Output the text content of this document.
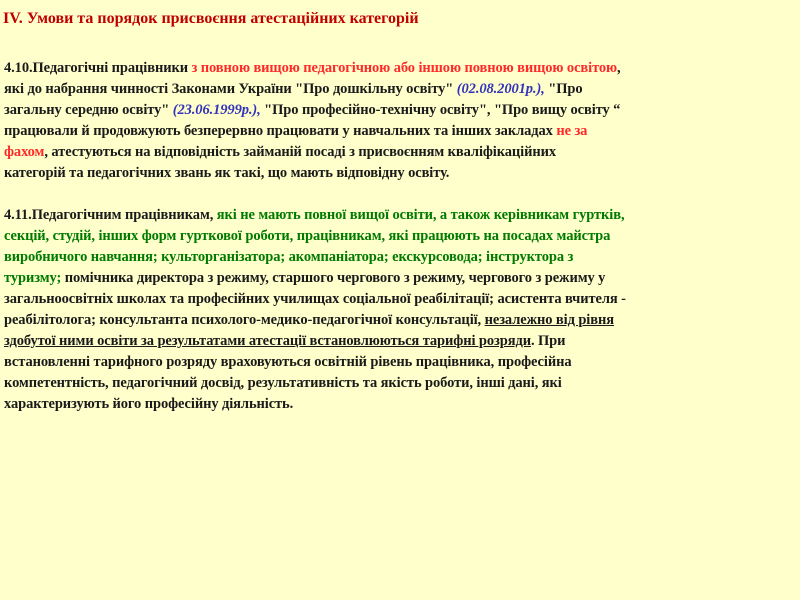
IV. Умови та порядок присвоєння атестаційних категорій
4.10.Педагогічні працівники з повною вищою педагогічною або іншою повною вищою освітою,
які до набрання чинності Законами України "Про дошкільну освіту" (02.08.2001р.), "Про
загальну середню освіту" (23.06.1999р.), "Про професійно-технічну освіту", "Про вищу освіту “
працювали й продовжують безперервно працювати у навчальних та інших закладах не за
фахом, атестуються на відповідність займаній посаді з присвоєнням кваліфікаційних
категорій та педагогічних звань як такі, що мають відповідну освіту.
4.11.Педагогічним працівникам, які не мають повної вищої освіти, а також керівникам гуртків,
секцій, студій, інших форм гурткової роботи, працівникам, які працюють на посадах майстра
виробничого навчання; культорганізатора; акомпаніатора; екскурсовода; інструктора з
туризму; помічника директора з режиму, старшого чергового з режиму, чергового з режиму у
загальноосвітніх школах та професійних училищах соціальної реабілітації; асистента вчителя -
реабілітолога; консультанта психолого-медико-педагогічної консультації, незалежно від рівня
здобутої ними освіти за результатами атестації встановлюються тарифні розряди. При
встановленні тарифного розряду враховуються освітній рівень працівника, професійна
компетентність, педагогічний досвід, результативність та якість роботи, інші дані, які
характеризують його професійну діяльність.
